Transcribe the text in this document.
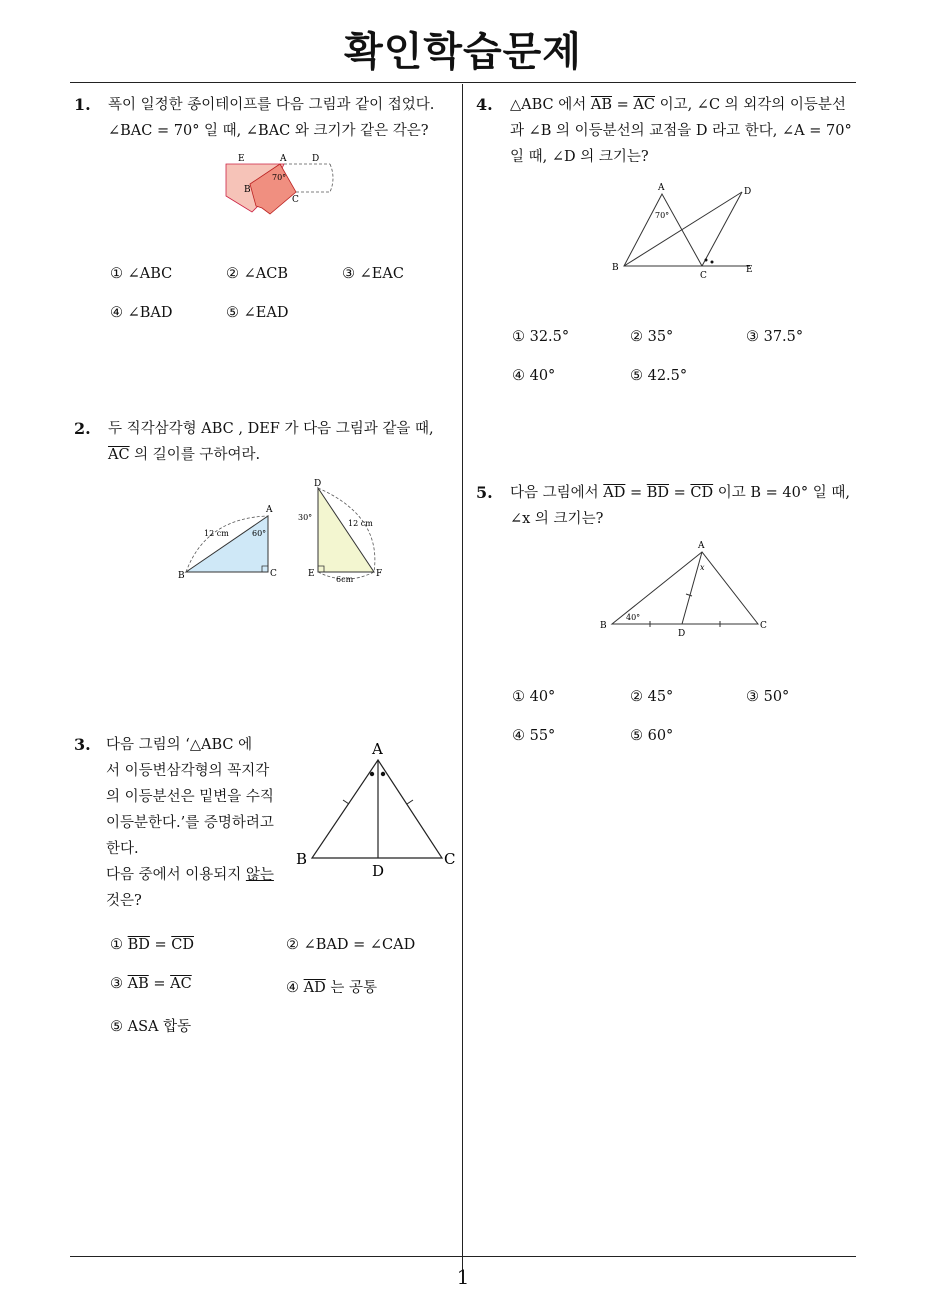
확인학습문제
1
1. 폭이 일정한 종이테이프를 다음 그림과 같이 접었다.
∠BAC = 70° 일 때, ∠BAC 와 크기가 같은 각은?
E	A	D
B
C
70°
① ∠ABC	② ∠ACB	③ ∠EAC
④ ∠BAD	⑤ ∠EAD
2. 두 직각삼각형 ABC , DEF 가 다음 그림과 같을 때,
$\overline{AC}$ 의 길이를 구하여라.
B
A
C
12 cm	60°
D
E	F
30°
12 cm
6cm
3.	다음 그림의 ‘△ABC 에
서 이등변삼각형의 꼭지각
의 이등분선은 밑변을 수직
이등분한다.’를 증명하려고
한다.
다음 중에서 이용되지 않는
것은?
A
B	C
D
① $\overline{BD} = \overline{CD}$	② ∠BAD = ∠CAD
③ $\overline{AB} = \overline{AC}$	④ $\overline{AD}$ 는 공통
⑤ ASA 합동
4. △ABC 에서 $\overline{AB} = \overline{AC}$ 이고, ∠C 의 외각의 이등분선
과 ∠B 의 이등분선의 교점을 D 라고 한다, ∠A = 70°
일 때, ∠D 의 크기는?
A
B
C
D
E
70°
① 32.5°	② 35°	③ 37.5°
④ 40°	⑤ 42.5°
5. 다음 그림에서 $\overline{AD} = \overline{BD} = \overline{CD}$ 이고 B = 40° 일 때,
∠x 의 크기는?
A
B	C
D
40°
x
① 40°	② 45°	③ 50°
④ 55°	⑤ 60°
